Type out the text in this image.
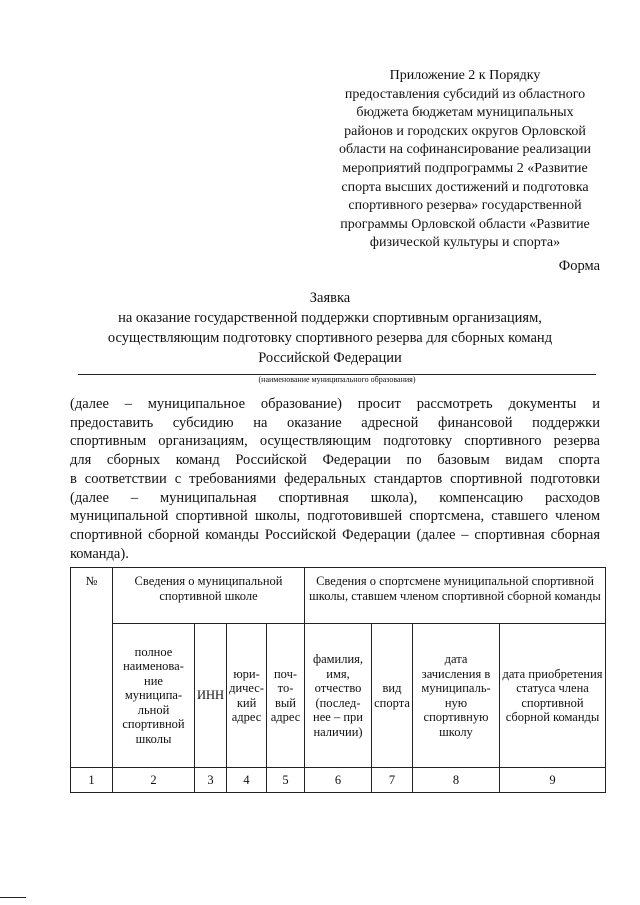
Приложение 2 к Порядку
предоставления субсидий из областного
бюджета бюджетам муниципальных
районов и городских округов Орловской
области на софинансирование реализации
мероприятий подпрограммы 2 «Развитие
спорта высших достижений и подготовка
спортивного резерва» государственной
программы Орловской области «Развитие
физической культуры и спорта»
Форма
Заявка
на оказание государственной поддержки спортивным организациям,
осуществляющим подготовку спортивного резерва для сборных команд
Российской Федерации
(наименование муниципального образования)
(далее – муниципальное образование) просит рассмотреть документы и
предоставить субсидию на оказание адресной финансовой поддержки
спортивным организациям, осуществляющим подготовку спортивного резерва
для сборных команд Российской Федерации по базовым видам спорта
в соответствии с требованиями федеральных стандартов спортивной подготовки
(далее – муниципальная спортивная школа), компенсацию расходов
муниципальной спортивной школы, подготовившей спортсмена, ставшего членом
спортивной сборной команды Российской Федерации (далее – спортивная сборная
команда).
№	Сведения о муниципальной спортивной школе				Сведения о спортсмене муниципальной спортивной школы, ставшем членом спортивной сборной команды			
	полное наименова-ние муниципа-льной спортивной школы	ИНН	юри-дичес-кий адрес	поч-то-вый адрес	фамилия, имя, отчество (послед-нее – при наличии)	вид спорта	дата зачисления в муниципаль-ную спортивную школу	дата приобретения статуса члена спортивной сборной команды
1	2	3	4	5	6	7	8	9
